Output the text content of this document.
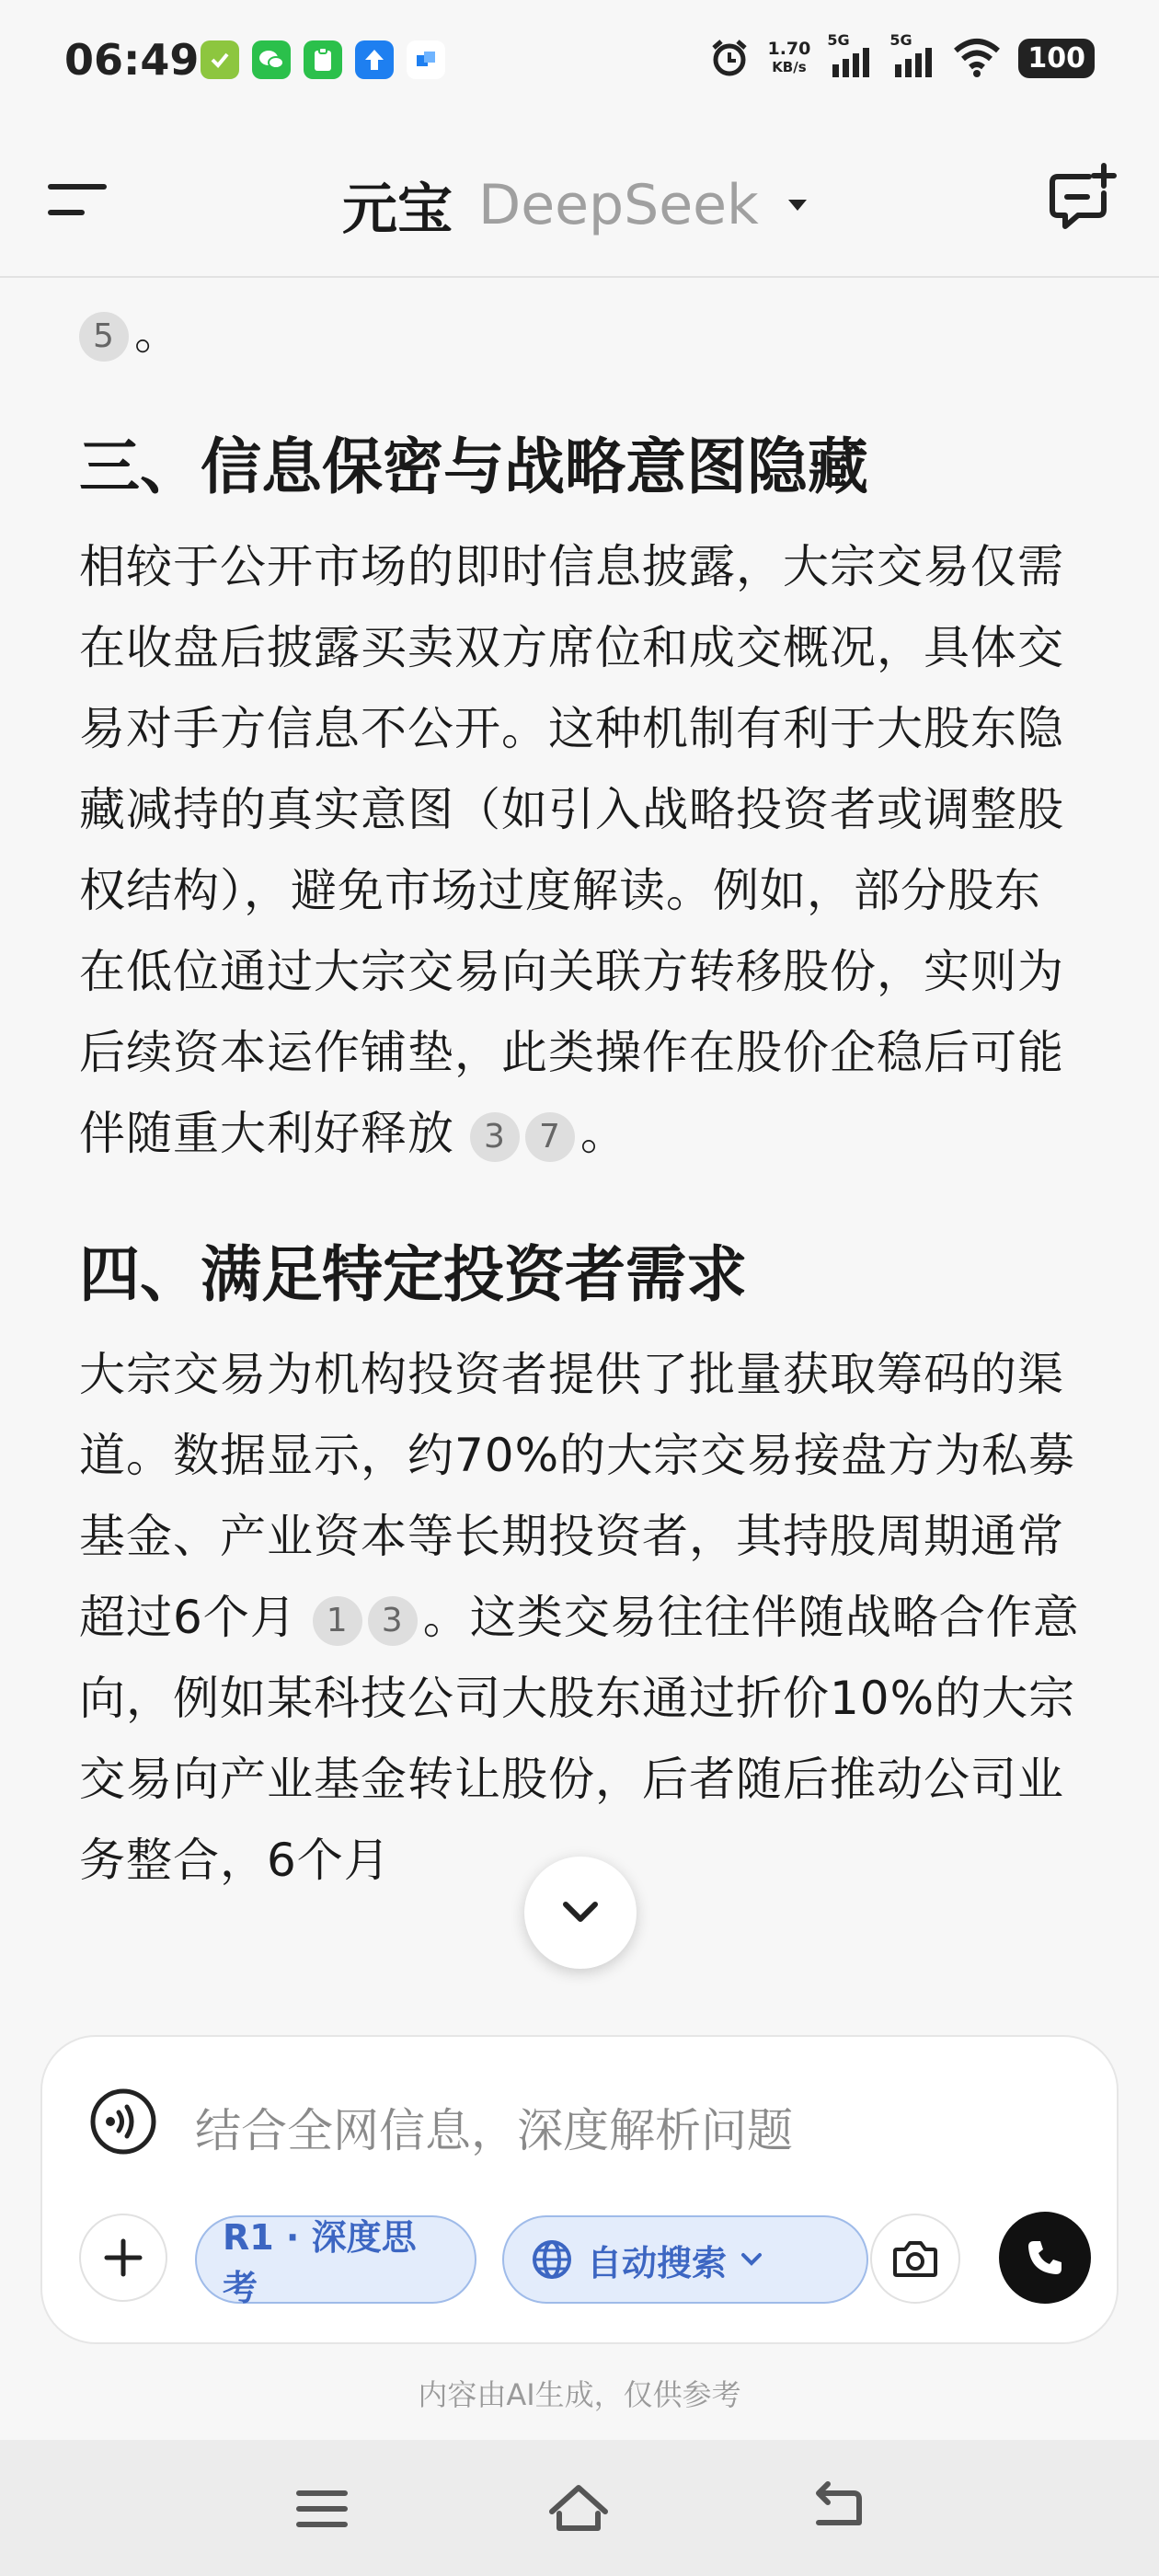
06:49	1.70
KB/s
5G	5G
100
元宝 DeepSeek

5 。

三、信息保密与战略意图隐藏

相较于公开市场的即时信息披露，大宗交易仅需在收盘后披露买卖双方席位和成交概况，具体交易对手方信息不公开。这种机制有利于大股东隐藏减持的真实意图（如引入战略投资者或调整股权结构），避免市场过度解读。例如，部分股东在低位通过大宗交易向关联方转移股份，实则为后续资本运作铺垫，此类操作在股价企稳后可能伴随重大利好释放 3 7 。

四、满足特定投资者需求

大宗交易为机构投资者提供了批量获取筹码的渠道。数据显示，约70%的大宗交易接盘方为私募基金、产业资本等长期投资者，其持股周期通常超过6个月 1 3 。这类交易往往伴随战略合作意向，例如某科技公司大股东通过折价10%的大宗交易向产业基金转让股份，后者随后推动公司业务整合，6个月

结合全网信息，深度解析问题
R1 · 深度思考
自动搜索
内容由AI生成，仅供参考
